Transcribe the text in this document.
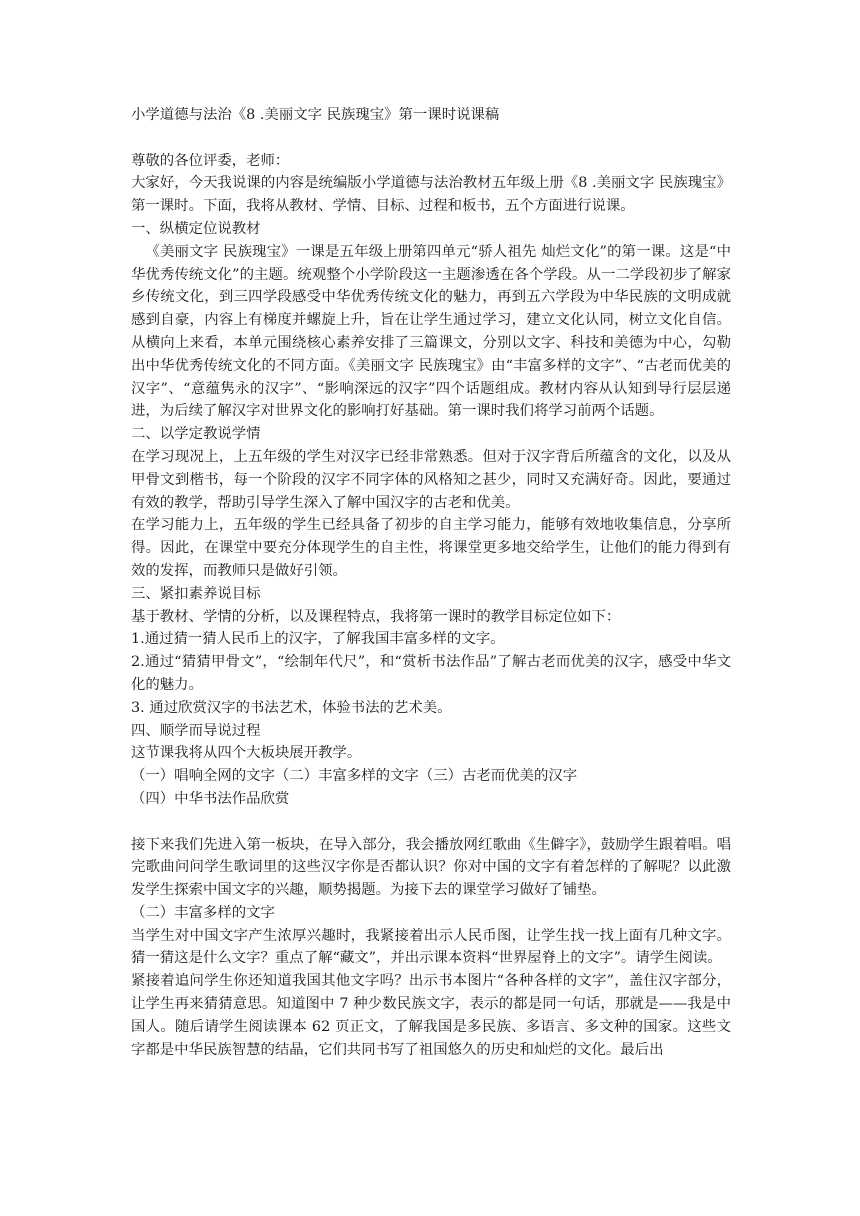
小学道德与法治《8 .美丽文字 民族瑰宝》第一课时说课稿

尊敬的各位评委，老师：

大家好，今天我说课的内容是统编版小学道德与法治教材五年级上册《8 .美丽文字 民族瑰宝》第一课时。下面，我将从教材、学情、目标、过程和板书，五个方面进行说课。

一、纵横定位说教材

《美丽文字 民族瑰宝》一课是五年级上册第四单元“骄人祖先 灿烂文化”的第一课。这是“中华优秀传统文化”的主题。统观整个小学阶段这一主题渗透在各个学段。从一二学段初步了解家乡传统文化，到三四学段感受中华优秀传统文化的魅力，再到五六学段为中华民族的文明成就感到自豪，内容上有梯度并螺旋上升，旨在让学生通过学习，建立文化认同，树立文化自信。从横向上来看，本单元围绕核心素养安排了三篇课文，分别以文字、科技和美德为中心，勾勒出中华优秀传统文化的不同方面。《美丽文字 民族瑰宝》由“丰富多样的文字”、“古老而优美的汉字”、“意蕴隽永的汉字”、“影响深远的汉字”四个话题组成。教材内容从认知到导行层层递进，为后续了解汉字对世界文化的影响打好基础。第一课时我们将学习前两个话题。

二、以学定教说学情

在学习现况上，上五年级的学生对汉字已经非常熟悉。但对于汉字背后所蕴含的文化，以及从甲骨文到楷书，每一个阶段的汉字不同字体的风格知之甚少，同时又充满好奇。因此，要通过有效的教学，帮助引导学生深入了解中国汉字的古老和优美。

在学习能力上，五年级的学生已经具备了初步的自主学习能力，能够有效地收集信息，分享所得。因此，在课堂中要充分体现学生的自主性，将课堂更多地交给学生，让他们的能力得到有效的发挥，而教师只是做好引领。

三、紧扣素养说目标

基于教材、学情的分析，以及课程特点，我将第一课时的教学目标定位如下：

1.通过猜一猜人民币上的汉字，了解我国丰富多样的文字。

2.通过“猜猜甲骨文”，“绘制年代尺”，和“赏析书法作品”了解古老而优美的汉字，感受中华文化的魅力。

3. 通过欣赏汉字的书法艺术，体验书法的艺术美。

四、顺学而导说过程

这节课我将从四个大板块展开教学。

（一）唱响全网的文字（二）丰富多样的文字（三）古老而优美的汉字

（四）中华书法作品欣赏

接下来我们先进入第一板块，在导入部分，我会播放网红歌曲《生僻字》，鼓励学生跟着唱。唱完歌曲问问学生歌词里的这些汉字你是否都认识？你对中国的文字有着怎样的了解呢？以此激发学生探索中国文字的兴趣，顺势揭题。为接下去的课堂学习做好了铺垫。

（二）丰富多样的文字

当学生对中国文字产生浓厚兴趣时，我紧接着出示人民币图，让学生找一找上面有几种文字。猜一猜这是什么文字？重点了解“藏文”，并出示课本资料“世界屋脊上的文字”。请学生阅读。

紧接着追问学生你还知道我国其他文字吗？出示书本图片“各种各样的文字”，盖住汉字部分，让学生再来猜猜意思。知道图中 7 种少数民族文字，表示的都是同一句话，那就是——我是中国人。随后请学生阅读课本 62 页正文，了解我国是多民族、多语言、多文种的国家。这些文字都是中华民族智慧的结晶，它们共同书写了祖国悠久的历史和灿烂的文化。最后出
